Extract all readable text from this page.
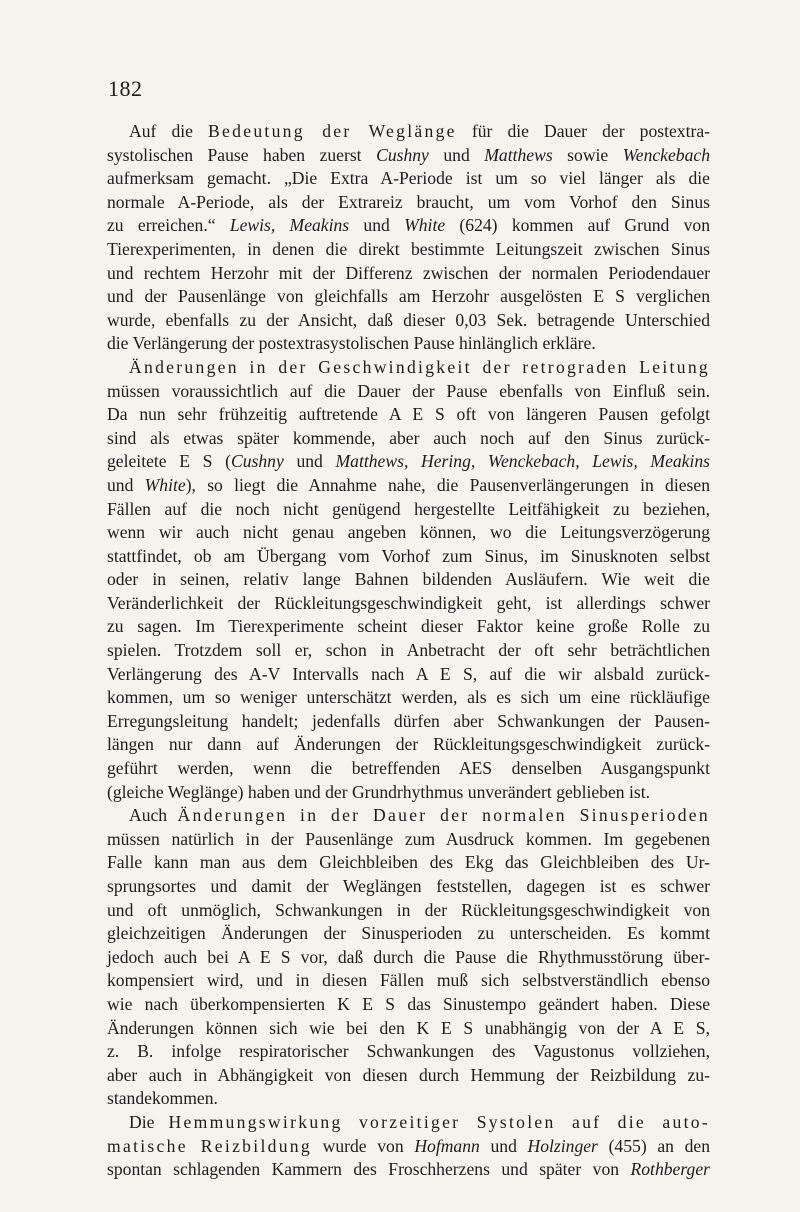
182
Auf die Bedeutung der Weglänge für die Dauer der postextra-
systolischen Pause haben zuerst Cushny und Matthews sowie Wenckebach
aufmerksam gemacht. „Die Extra A-Periode ist um so viel länger als die
normale A-Periode, als der Extrareiz braucht, um vom Vorhof den Sinus
zu erreichen.“ Lewis, Meakins und White (624) kommen auf Grund von
Tierexperimenten, in denen die direkt bestimmte Leitungszeit zwischen Sinus
und rechtem Herzohr mit der Differenz zwischen der normalen Periodendauer
und der Pausenlänge von gleichfalls am Herzohr ausgelösten E S verglichen
wurde, ebenfalls zu der Ansicht, daß dieser 0,03 Sek. betragende Unterschied
die Verlängerung der postextrasystolischen Pause hinlänglich erkläre.
Änderungen in der Geschwindigkeit der retrograden Leitung
müssen voraussichtlich auf die Dauer der Pause ebenfalls von Einfluß sein.
Da nun sehr frühzeitig auftretende A E S oft von längeren Pausen gefolgt
sind als etwas später kommende, aber auch noch auf den Sinus zurück-
geleitete E S (Cushny und Matthews, Hering, Wenckebach, Lewis, Meakins
und White), so liegt die Annahme nahe, die Pausenverlängerungen in diesen
Fällen auf die noch nicht genügend hergestellte Leitfähigkeit zu beziehen,
wenn wir auch nicht genau angeben können, wo die Leitungsverzögerung
stattfindet, ob am Übergang vom Vorhof zum Sinus, im Sinusknoten selbst
oder in seinen, relativ lange Bahnen bildenden Ausläufern. Wie weit die
Veränderlichkeit der Rückleitungsgeschwindigkeit geht, ist allerdings schwer
zu sagen. Im Tierexperimente scheint dieser Faktor keine große Rolle zu
spielen. Trotzdem soll er, schon in Anbetracht der oft sehr beträchtlichen
Verlängerung des A-V Intervalls nach A E S, auf die wir alsbald zurück-
kommen, um so weniger unterschätzt werden, als es sich um eine rückläufige
Erregungsleitung handelt; jedenfalls dürfen aber Schwankungen der Pausen-
längen nur dann auf Änderungen der Rückleitungsgeschwindigkeit zurück-
geführt werden, wenn die betreffenden AES denselben Ausgangspunkt
(gleiche Weglänge) haben und der Grundrhythmus unverändert geblieben ist.
Auch Änderungen in der Dauer der normalen Sinusperioden
müssen natürlich in der Pausenlänge zum Ausdruck kommen. Im gegebenen
Falle kann man aus dem Gleichbleiben des Ekg das Gleichbleiben des Ur-
sprungsortes und damit der Weglängen feststellen, dagegen ist es schwer
und oft unmöglich, Schwankungen in der Rückleitungsgeschwindigkeit von
gleichzeitigen Änderungen der Sinusperioden zu unterscheiden. Es kommt
jedoch auch bei A E S vor, daß durch die Pause die Rhythmusstörung über-
kompensiert wird, und in diesen Fällen muß sich selbstverständlich ebenso
wie nach überkompensierten K E S das Sinustempo geändert haben. Diese
Änderungen können sich wie bei den K E S unabhängig von der A E S,
z. B. infolge respiratorischer Schwankungen des Vagustonus vollziehen,
aber auch in Abhängigkeit von diesen durch Hemmung der Reizbildung zu-
standekommen.
Die Hemmungswirkung vorzeitiger Systolen auf die auto-
matische Reizbildung wurde von Hofmann und Holzinger (455) an den
spontan schlagenden Kammern des Froschherzens und später von Rothberger
